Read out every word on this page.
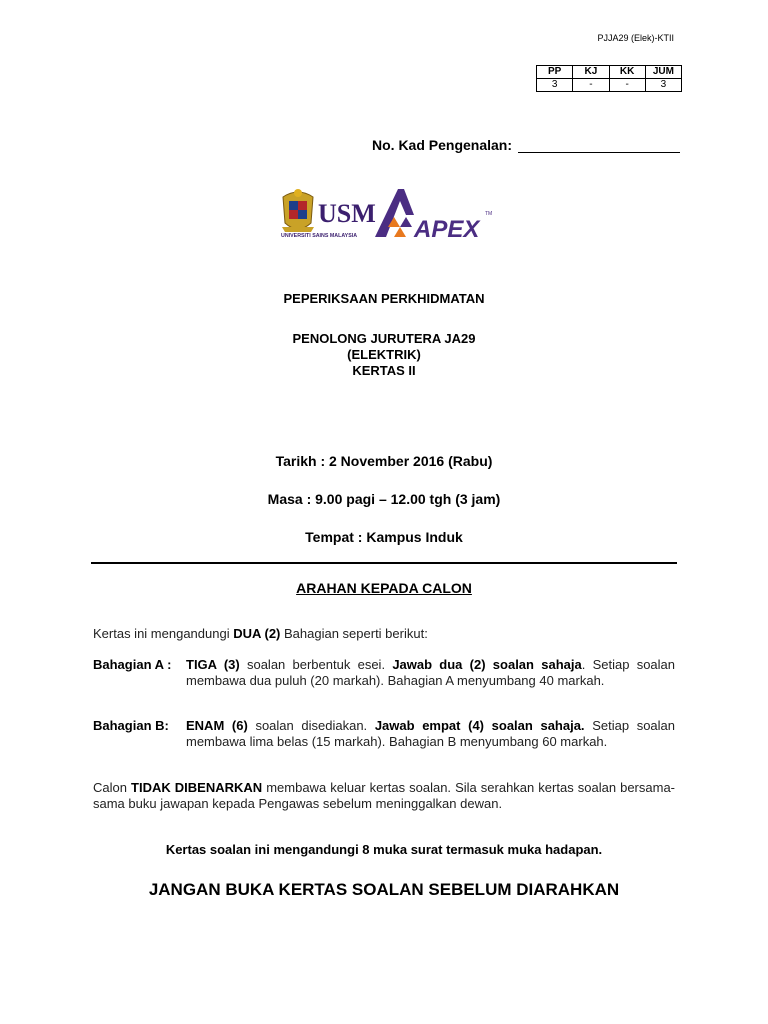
PJJA29 (Elek)-KTII
PP	KJ	KK	JUM
3	-	-	3
No. Kad Pengenalan:
USM
UNIVERSITI SAINS MALAYSIA APEX
TM
PEPERIKSAAN PERKHIDMATAN
PENOLONG JURUTERA JA29
(ELEKTRIK)
KERTAS II
Tarikh : 2 November 2016 (Rabu)
Masa : 9.00 pagi – 12.00 tgh (3 jam)
Tempat : Kampus Induk
ARAHAN KEPADA CALON
Kertas ini mengandungi DUA (2) Bahagian seperti berikut:
Bahagian A : TIGA (3) soalan berbentuk esei. Jawab dua (2) soalan sahaja. Setiap soalan membawa dua puluh (20 markah). Bahagian A menyumbang 40 markah.
Bahagian B: ENAM (6) soalan disediakan. Jawab empat (4) soalan sahaja. Setiap soalan membawa lima belas (15 markah). Bahagian B menyumbang 60 markah.
Calon TIDAK DIBENARKAN membawa keluar kertas soalan. Sila serahkan kertas soalan bersama-sama buku jawapan kepada Pengawas sebelum meninggalkan dewan.
Kertas soalan ini mengandungi 8 muka surat termasuk muka hadapan.
JANGAN BUKA KERTAS SOALAN SEBELUM DIARAHKAN
